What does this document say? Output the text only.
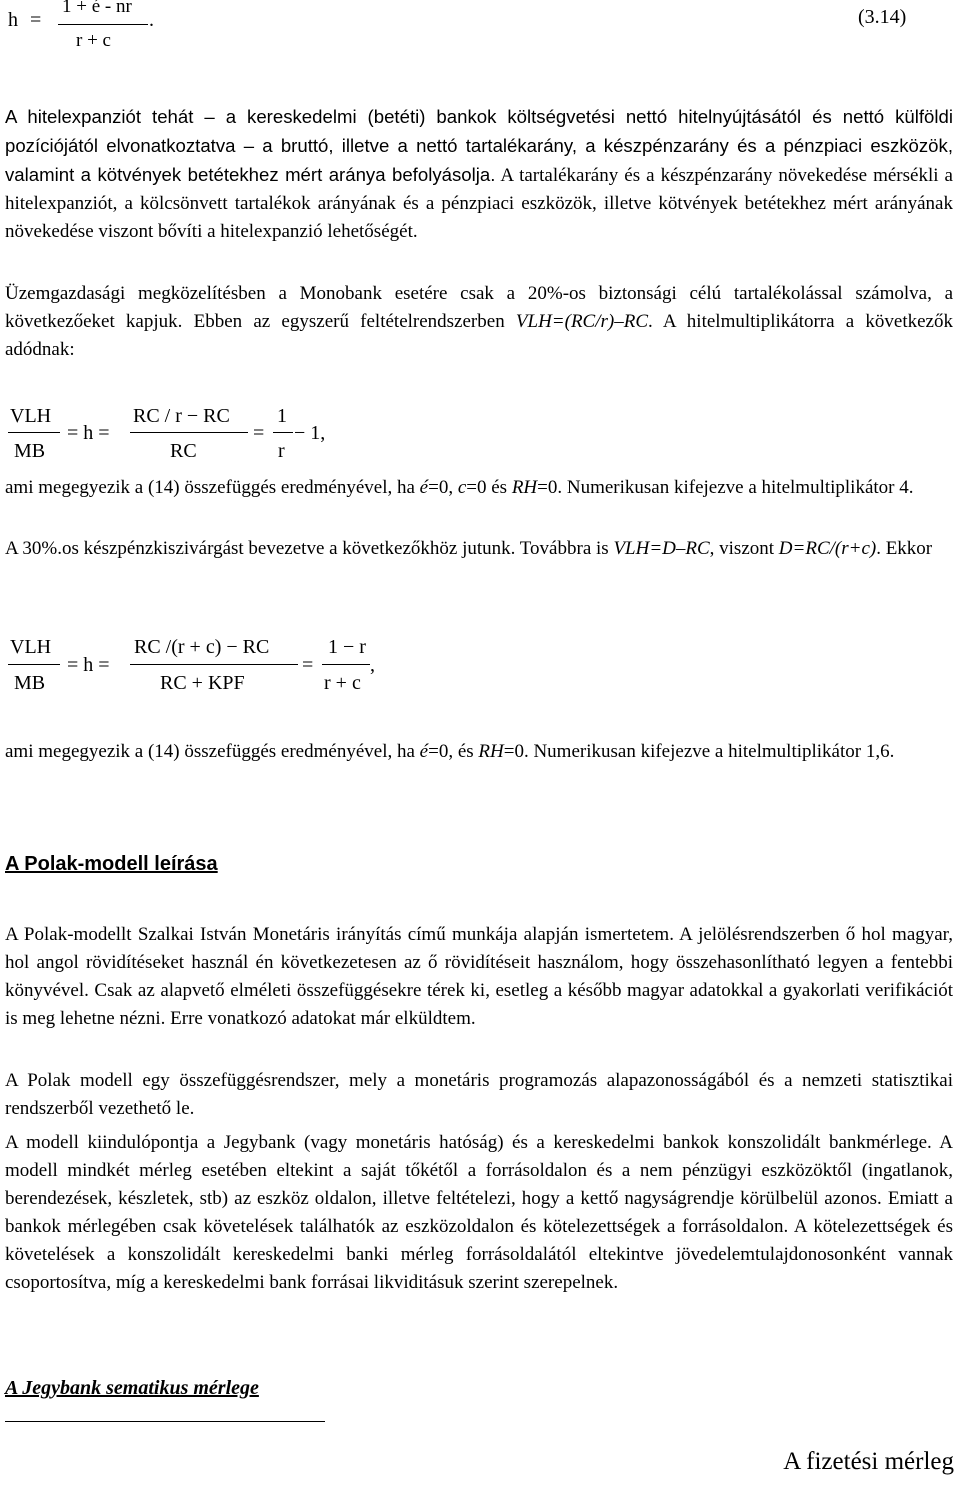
h =
1 + é - nr
r + c
.	(3.14)
A hitelexpanziót tehát – a kereskedelmi (betéti) bankok költségvetési nettó hitelnyújtásától és nettó külföldi pozíciójától elvonatkoztatva – a bruttó, illetve a nettó tartalékarány, a készpénzarány és a pénzpiaci eszközök, valamint a kötvények betétekhez mért aránya befolyásolja. A tartalékarány és a készpénzarány növekedése mérsékli a hitelexpanziót, a kölcsönvett tartalékok arányának és a pénzpiaci eszközök, illetve kötvények betétekhez mért arányának növekedése viszont bővíti a hitelexpanzió lehetőségét.
Üzemgazdasági megközelítésben a Monobank esetére csak a 20%-os biztonsági célú tartalékolással számolva, a következőeket kapjuk. Ebben az egyszerű feltételrendszerben VLH=(RC/r)–RC. A hitelmultiplikátorra a következők adódnak:
VLH
MB
= h =
RC / r − RC
RC
=
1
r
− 1,
ami megegyezik a (14) összefüggés eredményével, ha é=0, c=0 és RH=0. Numerikusan kifejezve a hitelmultiplikátor 4.
A 30%.os készpénzkiszivárgást bevezetve a következőkhöz jutunk. Továbbra is VLH=D–RC, viszont D=RC/(r+c). Ekkor
VLH
MB
= h =
RC /(r + c) − RC
RC + KPF
=
1 − r
r + c
,
ami megegyezik a (14) összefüggés eredményével, ha é=0, és RH=0. Numerikusan kifejezve a hitelmultiplikátor 1,6.
A Polak-modell leírása
A Polak-modellt Szalkai István Monetáris irányítás című munkája alapján ismertetem. A jelölésrendszerben ő hol magyar, hol angol rövidítéseket használ én következetesen az ő rövidítéseit használom, hogy összehasonlítható legyen a fentebbi könyvével. Csak az alapvető elméleti összefüggésekre térek ki, esetleg a később magyar adatokkal a gyakorlati verifikációt is meg lehetne nézni. Erre vonatkozó adatokat már elküldtem.
A Polak modell egy összefüggésrendszer, mely a monetáris programozás alapazonosságából és a nemzeti statisztikai rendszerből vezethető le.
A modell kiindulópontja a Jegybank (vagy monetáris hatóság) és a kereskedelmi bankok konszolidált bankmérlege. A modell mindkét mérleg esetében eltekint a saját tőkétől a forrásoldalon és a nem pénzügyi eszközöktől (ingatlanok, berendezések, készletek, stb) az eszköz oldalon, illetve feltételezi, hogy a kettő nagyságrendje körülbelül azonos. Emiatt a bankok mérlegében csak követelések találhatók az eszközoldalon és kötelezettségek a forrásoldalon. A kötelezettségek és követelések a konszolidált kereskedelmi banki mérleg forrásoldalától eltekintve jövedelemtulajdonosonként vannak csoportosítva, míg a kereskedelmi bank forrásai likviditásuk szerint szerepelnek.
A Jegybank sematikus mérlege
A fizetési mérleg
